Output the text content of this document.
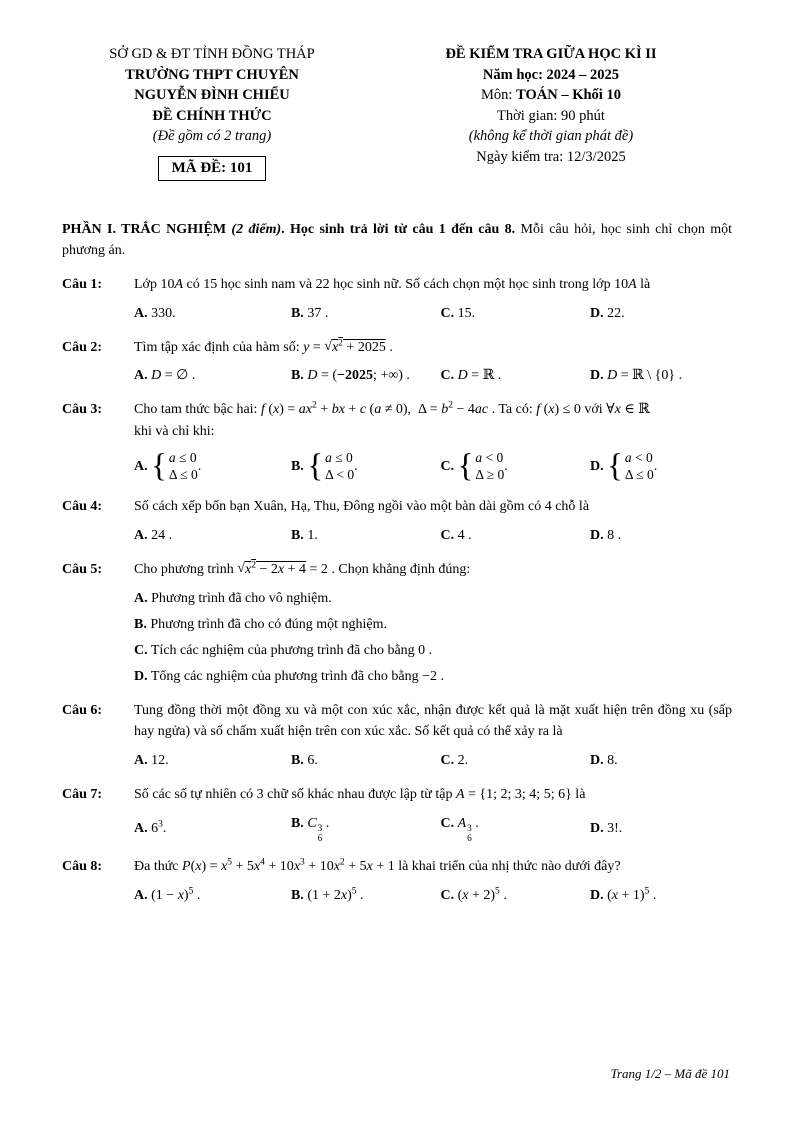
SỞ GD & ĐT TỈNH ĐỒNG THÁP
TRƯỜNG THPT CHUYÊN
NGUYỄN ĐÌNH CHIỂU
ĐỀ CHÍNH THỨC
(Đề gồm có 2 trang)
MÃ ĐỀ: 101
ĐỀ KIỂM TRA GIỮA HỌC KÌ II
Năm học: 2024 – 2025
Môn: TOÁN – Khối 10
Thời gian: 90 phút
(không kể thời gian phát đề)
Ngày kiểm tra: 12/3/2025
PHẦN I. TRẮC NGHIỆM (2 điểm). Học sinh trả lời từ câu 1 đến câu 8. Mỗi câu hỏi, học sinh chỉ chọn một phương án.
Câu 1:	Lớp 10A có 15 học sinh nam và 22 học sinh nữ. Số cách chọn một học sinh trong lớp 10A là
A. 330.	B. 37 .	C. 15.	D. 22.
Câu 2:	Tìm tập xác định của hàm số: $y = √x^2 + 2025$ .
A. D = ∅ .	B. D = (−2025; +∞) .	C. D = ℝ .	D. D = ℝ \ {0} .
Câu 3:	Cho tam thức bậc hai: f $(x) = ax^2$ + bx + c (a ≠ 0),  $\Delta = b^2 - 4ac$ . Ta có: f (x) ≤ 0 với ∀x ∈ ℝ
khi và chỉ khi:
A. { a ≤ 0
Δ ≤ 0
.	B. { a ≤ 0
Δ < 0
.	C. { a < 0
Δ ≥ 0
.	D. { a < 0
Δ ≤ 0
.
Câu 4:	Số cách xếp bốn bạn Xuân, Hạ, Thu, Đông ngồi vào một bàn dài gồm có 4 chỗ là
A. 24 .	B. 1.	C. 4 .	D. 8 .
Câu 5:	Cho phương trình $√x^2 - 2x + 4 = 2$ . Chọn khẳng định đúng:
A. Phương trình đã cho vô nghiệm.
B. Phương trình đã cho có đúng một nghiệm.
C. Tích các nghiệm của phương trình đã cho bằng 0 .
D. Tổng các nghiệm của phương trình đã cho bằng −2 .
Câu 6:	Tung đồng thời một đồng xu và một con xúc xắc, nhận được kết quả là mặt xuất hiện trên đồng xu (sấp hay ngửa) và số chấm xuất hiện trên con xúc xắc. Số kết quả có thể xảy ra là
A. 12.	B. 6.	C. 2.	D. 8.
Câu 7:	Số các số tự nhiên có 3 chữ số khác nhau được lập từ tập A = {1; 2; 3; 4; 5; 6} là
A. $6^3$.	B. C 3
6
.	C. A 3
6
.	D. 3!.
Câu 8:	Đa thức $P(x) = x^5 + 5x^4 + 10x^3 + 10x^2 + 5x + 1$ là khai triển của nhị thức nào dưới đây?
A. $(1 - x)^5$ .	B. $(1 + 2x)^5$ .	C. $(x + 2)^5$ .	D. $(x + 1)^5$ .
Trang 1/2 – Mã đề 101
